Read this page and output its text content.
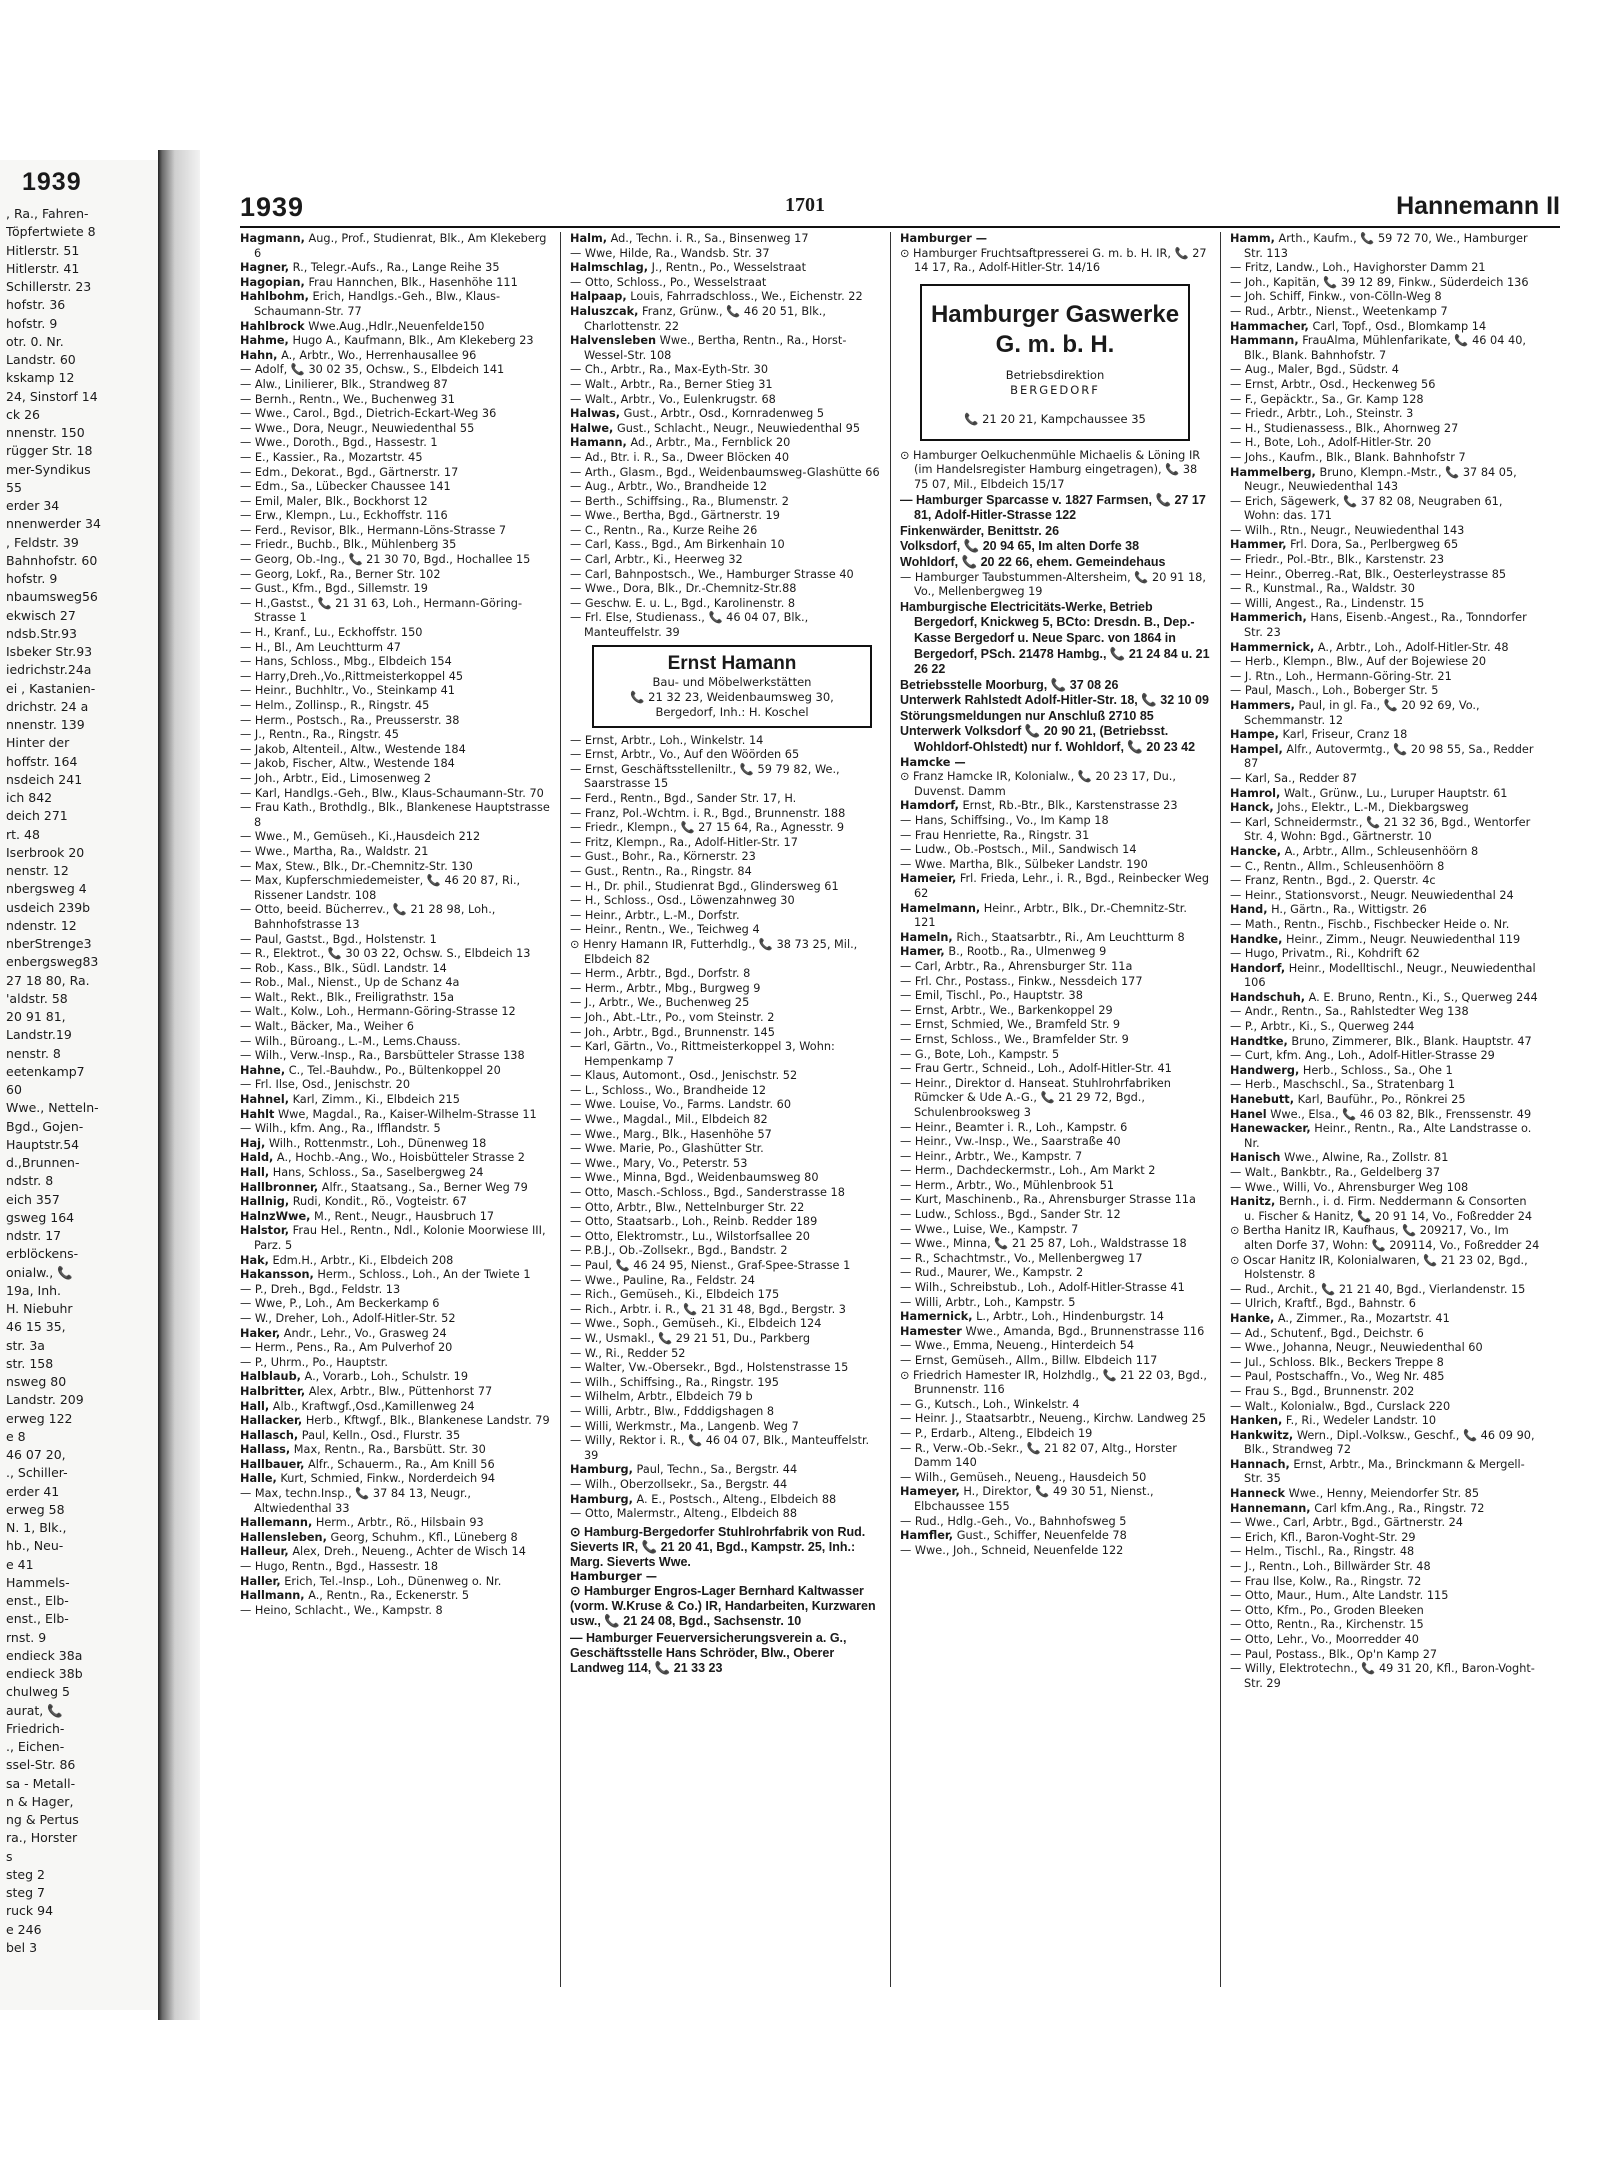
1939
, Ra., Fahren-
Töpfertwiete 8
Hitlerstr. 51
Hitlerstr. 41
Schillerstr. 23
hofstr. 36
hofstr. 9
otr. 0. Nr.
Landstr. 60
kskamp 12
24, Sinstorf 14
ck 26
nnenstr. 150
rügger Str. 18
mer-Syndikus
55
erder 34
nnenwerder 34
, Feldstr. 39
Bahnhofstr. 60
hofstr. 9
nbaumsweg56
ekwisch 27
ndsb.Str.93
Isbeker Str.93
iedrichstr.24a
ei , Kastanien-
drichstr. 24 a
nnenstr. 139
Hinter der
hoffstr. 164
nsdeich 241
ich 842
deich 271
rt. 48
Iserbrook 20
nenstr. 12
nbergsweg 4
usdeich 239b
ndenstr. 12
nberStrenge3
enbergsweg83
27 18 80, Ra.
'aldstr. 58
20 91 81,
Landstr.19
nenstr. 8
eetenkamp7
60
Wwe., Netteln-
Bgd., Gojen-
Hauptstr.54
d.,Brunnen-
ndstr. 8
eich 357
gsweg 164
ndstr. 17
erblöckens-
onialw., 📞
19a, Inh.
H. Niebuhr
46 15 35,
str. 3a
str. 158
nsweg 80
Landstr. 209
erweg 122
e 8
46 07 20,
., Schiller-
erder 41
erweg 58
N. 1, Blk.,
hb., Neu-
e 41
Hammels-
enst., Elb-
enst., Elb-
rnst. 9
endieck 38a
endieck 38b
chulweg 5
aurat, 📞
Friedrich-
., Eichen-
ssel-Str. 86
sa - Metall-
n & Hager,
ng & Pertus
ra., Horster
s
steg 2
steg 7
ruck 94
e 246
bel 3
1939	1701	Hannemann II
Hagmann, Aug., Prof., Studienrat, Blk., Am Klekeberg 6
Hagner, R., Telegr.-Aufs., Ra., Lange Reihe 35
Hagopian, Frau Hannchen, Blk., Hasenhöhe 111
Hahlbohm, Erich, Handlgs.-Geh., Blw., Klaus-Schaumann-Str. 77
Hahlbrock Wwe.Aug.,Hdlr.,Neuenfelde150
Hahme, Hugo A., Kaufmann, Blk., Am Klekeberg 23
Hahn, A., Arbtr., Wo., Herrenhausallee 96
— Adolf, 📞 30 02 35, Ochsw., S., Elbdeich 141
— Alw., Linilierer, Blk., Strandweg 87
— Bernh., Rentn., We., Buchenweg 31
— Wwe., Carol., Bgd., Dietrich-Eckart-Weg 36
— Wwe., Dora, Neugr., Neuwiedenthal 55
— Wwe., Doroth., Bgd., Hassestr. 1
— E., Kassier., Ra., Mozartstr. 45
— Edm., Dekorat., Bgd., Gärtnerstr. 17
— Edm., Sa., Lübecker Chaussee 141
— Emil, Maler, Blk., Bockhorst 12
— Erw., Klempn., Lu., Eckhoffstr. 116
— Ferd., Revisor, Blk., Hermann-Löns-Strasse 7
— Friedr., Buchb., Blk., Mühlenberg 35
— Georg, Ob.-Ing., 📞 21 30 70, Bgd., Hochallee 15
— Georg, Lokf., Ra., Berner Str. 102
— Gust., Kfm., Bgd., Sillemstr. 19
— H.,Gastst., 📞 21 31 63, Loh., Hermann-Göring-Strasse 1
— H., Kranf., Lu., Eckhoffstr. 150
— H., Bl., Am Leuchtturm 47
— Hans, Schloss., Mbg., Elbdeich 154
— Harry,Dreh.,Vo.,Rittmeisterkoppel 45
— Heinr., Buchhltr., Vo., Steinkamp 41
— Helm., Zollinsp., R., Ringstr. 45
— Herm., Postsch., Ra., Preusserstr. 38
— J., Rentn., Ra., Ringstr. 45
— Jakob, Altenteil., Altw., Westende 184
— Jakob, Fischer, Altw., Westende 184
— Joh., Arbtr., Eid., Limosenweg 2
— Karl, Handlgs.-Geh., Blw., Klaus-Schaumann-Str. 70
— Frau Kath., Brothdlg., Blk., Blankenese Hauptstrasse 8
— Wwe., M., Gemüseh., Ki.,Hausdeich 212
— Wwe., Martha, Ra., Waldstr. 21
— Max, Stew., Blk., Dr.-Chemnitz-Str. 130
— Max, Kupferschmiedemeister, 📞 46 20 87, Ri., Rissener Landstr. 108
— Otto, beeid. Bücherrev., 📞 21 28 98, Loh., Bahnhofstrasse 13
— Paul, Gastst., Bgd., Holstenstr. 1
— R., Elektrot., 📞 30 03 22, Ochsw. S., Elbdeich 13
— Rob., Kass., Blk., Südl. Landstr. 14
— Rob., Mal., Nienst., Up de Schanz 4a
— Walt., Rekt., Blk., Freiligrathstr. 15a
— Walt., Kolw., Loh., Hermann-Göring-Strasse 12
— Walt., Bäcker, Ma., Weiher 6
— Wilh., Büroang., L.-M., Lems.Chauss.
— Wilh., Verw.-Insp., Ra., Barsbütteler Strasse 138
Hahne, C., Tel.-Bauhdw., Po., Bültenkoppel 20
— Frl. Ilse, Osd., Jenischstr. 20
Hahnel, Karl, Zimm., Ki., Elbdeich 215
Hahlt Wwe, Magdal., Ra., Kaiser-Wilhelm-Strasse 11
— Wilh., kfm. Ang., Ra., Ifflandstr. 5
Haj, Wilh., Rottenmstr., Loh., Dünenweg 18
Hald, A., Hochb.-Ang., Wo., Hoisbütteler Strasse 2
Hall, Hans, Schloss., Sa., Saselbergweg 24
Hallbronner, Alfr., Staatsang., Sa., Berner Weg 79
Hallnig, Rudi, Kondit., Rö., Vogteistr. 67
HalnzWwe, M., Rent., Neugr., Hausbruch 17
Halstor, Frau Hel., Rentn., Ndl., Kolonie Moorwiese III, Parz. 5
Hak, Edm.H., Arbtr., Ki., Elbdeich 208
Hakansson, Herm., Schloss., Loh., An der Twiete 1
— P., Dreh., Bgd., Feldstr. 13
— Wwe, P., Loh., Am Beckerkamp 6
— W., Dreher, Loh., Adolf-Hitler-Str. 52
Haker, Andr., Lehr., Vo., Grasweg 24
— Herm., Pens., Ra., Am Pulverhof 20
— P., Uhrm., Po., Hauptstr.
Halblaub, A., Vorarb., Loh., Schulstr. 19
Halbritter, Alex, Arbtr., Blw., Püttenhorst 77
Hall, Alb., Kraftwgf.,Osd.,Kamillenweg 24
Hallacker, Herb., Kftwgf., Blk., Blankenese Landstr. 79
Hallasch, Paul, Kelln., Osd., Flurstr. 35
Hallass, Max, Rentn., Ra., Barsbütt. Str. 30
Hallbauer, Alfr., Schauerm., Ra., Am Knill 56
Halle, Kurt, Schmied, Finkw., Norderdeich 94
— Max, techn.Insp., 📞 37 84 13, Neugr., Altwiedenthal 33
Hallemann, Herm., Arbtr., Rö., Hilsbain 93
Hallensleben, Georg, Schuhm., Kfl., Lüneberg 8
Halleur, Alex, Dreh., Neueng., Achter de Wisch 14
— Hugo, Rentn., Bgd., Hassestr. 18
Haller, Erich, Tel.-Insp., Loh., Dünenweg o. Nr.
Hallmann, A., Rentn., Ra., Eckenerstr. 5
— Heino, Schlacht., We., Kampstr. 8
Halm, Ad., Techn. i. R., Sa., Binsenweg 17
— Wwe, Hilde, Ra., Wandsb. Str. 37
Halmschlag, J., Rentn., Po., Wesselstraat
— Otto, Schloss., Po., Wesselstraat
Halpaap, Louis, Fahrradschloss., We., Eichenstr. 22
Haluszcak, Franz, Grünw., 📞 46 20 51, Blk., Charlottenstr. 22
Halvensleben Wwe., Bertha, Rentn., Ra., Horst-Wessel-Str. 108
— Ch., Arbtr., Ra., Max-Eyth-Str. 30
— Walt., Arbtr., Ra., Berner Stieg 31
— Walt., Arbtr., Vo., Eulenkrugstr. 68
Halwas, Gust., Arbtr., Osd., Kornradenweg 5
Halwe, Gust., Schlacht., Neugr., Neuwiedenthal 95
Hamann, Ad., Arbtr., Ma., Fernblick 20
— Ad., Btr. i. R., Sa., Dweer Blöcken 40
— Arth., Glasm., Bgd., Weidenbaumsweg-Glashütte 66
— Aug., Arbtr., Wo., Brandheide 12
— Berth., Schiffsing., Ra., Blumenstr. 2
— Wwe., Bertha, Bgd., Gärtnerstr. 19
— C., Rentn., Ra., Kurze Reihe 26
— Carl, Kass., Bgd., Am Birkenhain 10
— Carl, Arbtr., Ki., Heerweg 32
— Carl, Bahnpostsch., We., Hamburger Strasse 40
— Wwe., Dora, Blk., Dr.-Chemnitz-Str.88
— Geschw. E. u. L., Bgd., Karolinenstr. 8
— Frl. Else, Studienass., 📞 46 04 07, Blk., Manteuffelstr. 39
Ernst Hamann
Bau- und Möbelwerkstätten
📞 21 32 23, Weidenbaumsweg 30,
Bergedorf, Inh.: H. Koschel
— Ernst, Arbtr., Loh., Winkelstr. 14
— Ernst, Arbtr., Vo., Auf den Wöörden 65
— Ernst, Geschäftsstelleniltr., 📞 59 79 82, We., Saarstrasse 15
— Ferd., Rentn., Bgd., Sander Str. 17, H.
— Franz, Pol.-Wchtm. i. R., Bgd., Brunnenstr. 188
— Friedr., Klempn., 📞 27 15 64, Ra., Agnesstr. 9
— Fritz, Klempn., Ra., Adolf-Hitler-Str. 17
— Gust., Bohr., Ra., Körnerstr. 23
— Gust., Rentn., Ra., Ringstr. 84
— H., Dr. phil., Studienrat Bgd., Glindersweg 61
— H., Schloss., Osd., Löwenzahnweg 30
— Heinr., Arbtr., L.-M., Dorfstr.
— Heinr., Rentn., We., Teichweg 4
⊙ Henry Hamann IR, Futterhdlg., 📞 38 73 25, Mil., Elbdeich 82
— Herm., Arbtr., Bgd., Dorfstr. 8
— Herm., Arbtr., Mbg., Burgweg 9
— J., Arbtr., We., Buchenweg 25
— Joh., Abt.-Ltr., Po., vom Steinstr. 2
— Joh., Arbtr., Bgd., Brunnenstr. 145
— Karl, Gärtn., Vo., Rittmeisterkoppel 3, Wohn: Hempenkamp 7
— Klaus, Automont., Osd., Jenischstr. 52
— L., Schloss., Wo., Brandheide 12
— Wwe. Louise, Vo., Farms. Landstr. 60
— Wwe., Magdal., Mil., Elbdeich 82
— Wwe., Marg., Blk., Hasenhöhe 57
— Wwe. Marie, Po., Glashütter Str.
— Wwe., Mary, Vo., Peterstr. 53
— Wwe., Minna, Bgd., Weidenbaumsweg 80
— Otto, Masch.-Schloss., Bgd., Sanderstrasse 18
— Otto, Arbtr., Blw., Nettelnburger Str. 22
— Otto, Staatsarb., Loh., Reinb. Redder 189
— Otto, Elektromstr., Lu., Wilstorfsallee 20
— P.B.J., Ob.-Zollsekr., Bgd., Bandstr. 2
— Paul, 📞 46 24 95, Nienst., Graf-Spee-Strasse 1
— Wwe., Pauline, Ra., Feldstr. 24
— Rich., Gemüseh., Ki., Elbdeich 175
— Rich., Arbtr. i. R., 📞 21 31 48, Bgd., Bergstr. 3
— Wwe., Soph., Gemüseh., Ki., Elbdeich 124
— W., Usmakl., 📞 29 21 51, Du., Parkberg
— W., Ri., Redder 52
— Walter, Vw.-Obersekr., Bgd., Holstenstrasse 15
— Wilh., Schiffsing., Ra., Ringstr. 195
— Wilhelm, Arbtr., Elbdeich 79 b
— Willi, Arbtr., Blw., Fdddigshagen 8
— Willi, Werkmstr., Ma., Langenb. Weg 7
— Willy, Rektor i. R., 📞 46 04 07, Blk., Manteuffelstr. 39
Hamburg, Paul, Techn., Sa., Bergstr. 44
— Wilh., Oberzollsekr., Sa., Bergstr. 44
Hamburg, A. E., Postsch., Alteng., Elbdeich 88
— Otto, Malermstr., Alteng., Elbdeich 88
⊙ Hamburg-Bergedorfer Stuhlrohrfabrik von Rud. Sieverts IR, 📞 21 20 41, Bgd., Kampstr. 25, Inh.: Marg. Sieverts Wwe.
Hamburger —
⊙ Hamburger Engros-Lager Bernhard Kaltwasser (vorm. W.Kruse & Co.) IR, Handarbeiten, Kurzwaren usw., 📞 21 24 08, Bgd., Sachsenstr. 10
— Hamburger Feuerversicherungsverein a. G., Geschäftsstelle Hans Schröder, Blw., Oberer Landweg 114, 📞 21 33 23
Hamburger —
⊙ Hamburger Fruchtsaftpresserei G. m. b. H. IR, 📞 27 14 17, Ra., Adolf-Hitler-Str. 14/16
Hamburger Gaswerke
G. m. b. H.
Betriebsdirektion
BERGEDORF
📞 21 20 21, Kampchaussee 35
⊙ Hamburger Oelkuchenmühle Michaelis & Löning IR (im Handelsregister Hamburg eingetragen), 📞 38 75 07, Mil., Elbdeich 15/17
— Hamburger Sparcasse v. 1827 Farmsen, 📞 27 17 81, Adolf-Hitler-Strasse 122
Finkenwärder, Benittstr. 26
Volksdorf, 📞 20 94 65, Im alten Dorfe 38
Wohldorf, 📞 20 22 66, ehem. Gemeindehaus
— Hamburger Taubstummen-Altersheim, 📞 20 91 18, Vo., Mellenbergweg 19
Hamburgische Electricitäts-Werke, Betrieb Bergedorf, Knickweg 5, BCto: Dresdn. B., Dep.-Kasse Bergedorf u. Neue Sparc. von 1864 in Bergedorf, PSch. 21478 Hambg., 📞 21 24 84 u. 21 26 22
Betriebsstelle Moorburg, 📞 37 08 26
Unterwerk Rahlstedt Adolf-Hitler-Str. 18, 📞 32 10 09
Störungsmeldungen nur Anschluß 2710 85
Unterwerk Volksdorf 📞 20 90 21, (Betriebsst. Wohldorf-Ohlstedt) nur f. Wohldorf, 📞 20 23 42
Hamcke —
⊙ Franz Hamcke IR, Kolonialw., 📞 20 23 17, Du., Duvenst. Damm
Hamdorf, Ernst, Rb.-Btr., Blk., Karstenstrasse 23
— Hans, Schiffsing., Vo., Im Kamp 18
— Frau Henriette, Ra., Ringstr. 31
— Ludw., Ob.-Postsch., Mil., Sandwisch 14
— Wwe. Martha, Blk., Sülbeker Landstr. 190
Hameier, Frl. Frieda, Lehr., i. R., Bgd., Reinbecker Weg 62
Hamelmann, Heinr., Arbtr., Blk., Dr.-Chemnitz-Str. 121
Hameln, Rich., Staatsarbtr., Ri., Am Leuchtturm 8
Hamer, B., Rootb., Ra., Ulmenweg 9
— Carl, Arbtr., Ra., Ahrensburger Str. 11a
— Frl. Chr., Postass., Finkw., Nessdeich 177
— Emil, Tischl., Po., Hauptstr. 38
— Ernst, Arbtr., We., Barkenkoppel 29
— Ernst, Schmied, We., Bramfeld Str. 9
— Ernst, Schloss., We., Bramfelder Str. 9
— G., Bote, Loh., Kampstr. 5
— Frau Gertr., Schneid., Loh., Adolf-Hitler-Str. 41
— Heinr., Direktor d. Hanseat. Stuhlrohrfabriken Rümcker & Ude A.-G., 📞 21 29 72, Bgd., Schulenbrooksweg 3
— Heinr., Beamter i. R., Loh., Kampstr. 6
— Heinr., Vw.-Insp., We., Saarstraße 40
— Heinr., Arbtr., We., Kampstr. 7
— Herm., Dachdeckermstr., Loh., Am Markt 2
— Herm., Arbtr., Wo., Mühlenbrook 51
— Kurt, Maschinenb., Ra., Ahrensburger Strasse 11a
— Ludw., Schloss., Bgd., Sander Str. 12
— Wwe., Luise, We., Kampstr. 7
— Wwe., Minna, 📞 21 25 87, Loh., Waldstrasse 18
— R., Schachtmstr., Vo., Mellenbergweg 17
— Rud., Maurer, We., Kampstr. 2
— Wilh., Schreibstub., Loh., Adolf-Hitler-Strasse 41
— Willi, Arbtr., Loh., Kampstr. 5
Hamernick, L., Arbtr., Loh., Hindenburgstr. 14
Hamester Wwe., Amanda, Bgd., Brunnenstrasse 116
— Wwe., Emma, Neueng., Hinterdeich 54
— Ernst, Gemüseh., Allm., Billw. Elbdeich 117
⊙ Friedrich Hamester IR, Holzhdlg., 📞 21 22 03, Bgd., Brunnenstr. 116
— G., Kutsch., Loh., Winkelstr. 4
— Heinr. J., Staatsarbtr., Neueng., Kirchw. Landweg 25
— P., Erdarb., Alteng., Elbdeich 19
— R., Verw.-Ob.-Sekr., 📞 21 82 07, Altg., Horster Damm 140
— Wilh., Gemüseh., Neueng., Hausdeich 50
Hameyer, H., Direktor, 📞 49 30 51, Nienst., Elbchaussee 155
— Rud., Hdlg.-Geh., Vo., Bahnhofsweg 5
Hamfler, Gust., Schiffer, Neuenfelde 78
— Wwe., Joh., Schneid, Neuenfelde 122
Hamm, Arth., Kaufm., 📞 59 72 70, We., Hamburger Str. 113
— Fritz, Landw., Loh., Havighorster Damm 21
— Joh., Kapitän, 📞 39 12 89, Finkw., Süderdeich 136
— Joh. Schiff, Finkw., von-Cölln-Weg 8
— Rud., Arbtr., Nienst., Weetenkamp 7
Hammacher, Carl, Topf., Osd., Blomkamp 14
Hammann, FrauAlma, Mühlenfarikate, 📞 46 04 40, Blk., Blank. Bahnhofstr. 7
— Aug., Maler, Bgd., Südstr. 4
— Ernst, Arbtr., Osd., Heckenweg 56
— F., Gepäcktr., Sa., Gr. Kamp 128
— Friedr., Arbtr., Loh., Steinstr. 3
— H., Studienassess., Blk., Ahornweg 27
— H., Bote, Loh., Adolf-Hitler-Str. 20
— Johs., Kaufm., Blk., Blank. Bahnhofstr 7
Hammelberg, Bruno, Klempn.-Mstr., 📞 37 84 05, Neugr., Neuwiedenthal 143
— Erich, Sägewerk, 📞 37 82 08, Neugraben 61, Wohn: das. 171
— Wilh., Rtn., Neugr., Neuwiedenthal 143
Hammer, Frl. Dora, Sa., Perlbergweg 65
— Friedr., Pol.-Btr., Blk., Karstenstr. 23
— Heinr., Oberreg.-Rat, Blk., Oesterleystrasse 85
— R., Kunstmal., Ra., Waldstr. 30
— Willi, Angest., Ra., Lindenstr. 15
Hammerich, Hans, Eisenb.-Angest., Ra., Tonndorfer Str. 23
Hammernick, A., Arbtr., Loh., Adolf-Hitler-Str. 48
— Herb., Klempn., Blw., Auf der Bojewiese 20
— J. Rtn., Loh., Hermann-Göring-Str. 21
— Paul, Masch., Loh., Boberger Str. 5
Hammers, Paul, in gl. Fa., 📞 20 92 69, Vo., Schemmanstr. 12
Hampe, Karl, Friseur, Cranz 18
Hampel, Alfr., Autovermtg., 📞 20 98 55, Sa., Redder 87
— Karl, Sa., Redder 87
Hamrol, Walt., Grünw., Lu., Luruper Hauptstr. 61
Hanck, Johs., Elektr., L.-M., Diekbargsweg
— Karl, Schneidermstr., 📞 21 32 36, Bgd., Wentorfer Str. 4, Wohn: Bgd., Gärtnerstr. 10
Hancke, A., Arbtr., Allm., Schleusenhöörn 8
— C., Rentn., Allm., Schleusenhöörn 8
— Franz, Rentn., Bgd., 2. Querstr. 4c
— Heinr., Stationsvorst., Neugr. Neuwiedenthal 24
Hand, H., Gärtn., Ra., Wittigstr. 26
— Math., Rentn., Fischb., Fischbecker Heide o. Nr.
Handke, Heinr., Zimm., Neugr. Neuwiedenthal 119
— Hugo, Privatm., Ri., Kohdrift 62
Handorf, Heinr., Modelltischl., Neugr., Neuwiedenthal 106
Handschuh, A. E. Bruno, Rentn., Ki., S., Querweg 244
— Andr., Rentn., Sa., Rahlstedter Weg 138
— P., Arbtr., Ki., S., Querweg 244
Handtke, Bruno, Zimmerer, Blk., Blank. Hauptstr. 47
— Curt, kfm. Ang., Loh., Adolf-Hitler-Strasse 29
Handwerg, Herb., Schloss., Sa., Ohe 1
— Herb., Maschschl., Sa., Stratenbarg 1
Hanebutt, Karl, Bauführ., Po., Rönkrei 25
Hanel Wwe., Elsa., 📞 46 03 82, Blk., Frenssenstr. 49
Hanewacker, Heinr., Rentn., Ra., Alte Landstrasse o. Nr.
Hanisch Wwe., Alwine, Ra., Zollstr. 81
— Walt., Bankbtr., Ra., Geldelberg 37
— Wwe., Willi, Vo., Ahrensburger Weg 108
Hanitz, Bernh., i. d. Firm. Neddermann & Consorten u. Fischer & Hanitz, 📞 20 91 14, Vo., Foßredder 24
⊙ Bertha Hanitz IR, Kaufhaus, 📞 209217, Vo., Im alten Dorfe 37, Wohn: 📞 209114, Vo., Foßredder 24
⊙ Oscar Hanitz IR, Kolonialwaren, 📞 21 23 02, Bgd., Holstenstr. 8
— Rud., Archit., 📞 21 21 40, Bgd., Vierlandenstr. 15
— Ulrich, Kraftf., Bgd., Bahnstr. 6
Hanke, A., Zimmer., Ra., Mozartstr. 41
— Ad., Schutenf., Bgd., Deichstr. 6
— Wwe., Johanna, Neugr., Neuwiedenthal 60
— Jul., Schloss. Blk., Beckers Treppe 8
— Paul, Postschaffn., Vo., Weg Nr. 485
— Frau S., Bgd., Brunnenstr. 202
— Walt., Kolonialw., Bgd., Curslack 220
Hanken, F., Ri., Wedeler Landstr. 10
Hankwitz, Wern., Dipl.-Volksw., Geschf., 📞 46 09 90, Blk., Strandweg 72
Hannach, Ernst, Arbtr., Ma., Brinckmann & Mergell-Str. 35
Hanneck Wwe., Henny, Meiendorfer Str. 85
Hannemann, Carl kfm.Ang., Ra., Ringstr. 72
— Wwe., Carl, Arbtr., Bgd., Gärtnerstr. 24
— Erich, Kfl., Baron-Voght-Str. 29
— Helm., Tischl., Ra., Ringstr. 48
— J., Rentn., Loh., Billwärder Str. 48
— Frau Ilse, Kolw., Ra., Ringstr. 72
— Otto, Maur., Hum., Alte Landstr. 115
— Otto, Kfm., Po., Groden Bleeken
— Otto, Rentn., Ra., Kirchenstr. 15
— Otto, Lehr., Vo., Moorredder 40
— Paul, Postass., Blk., Op'n Kamp 27
— Willy, Elektrotechn., 📞 49 31 20, Kfl., Baron-Voght-Str. 29
